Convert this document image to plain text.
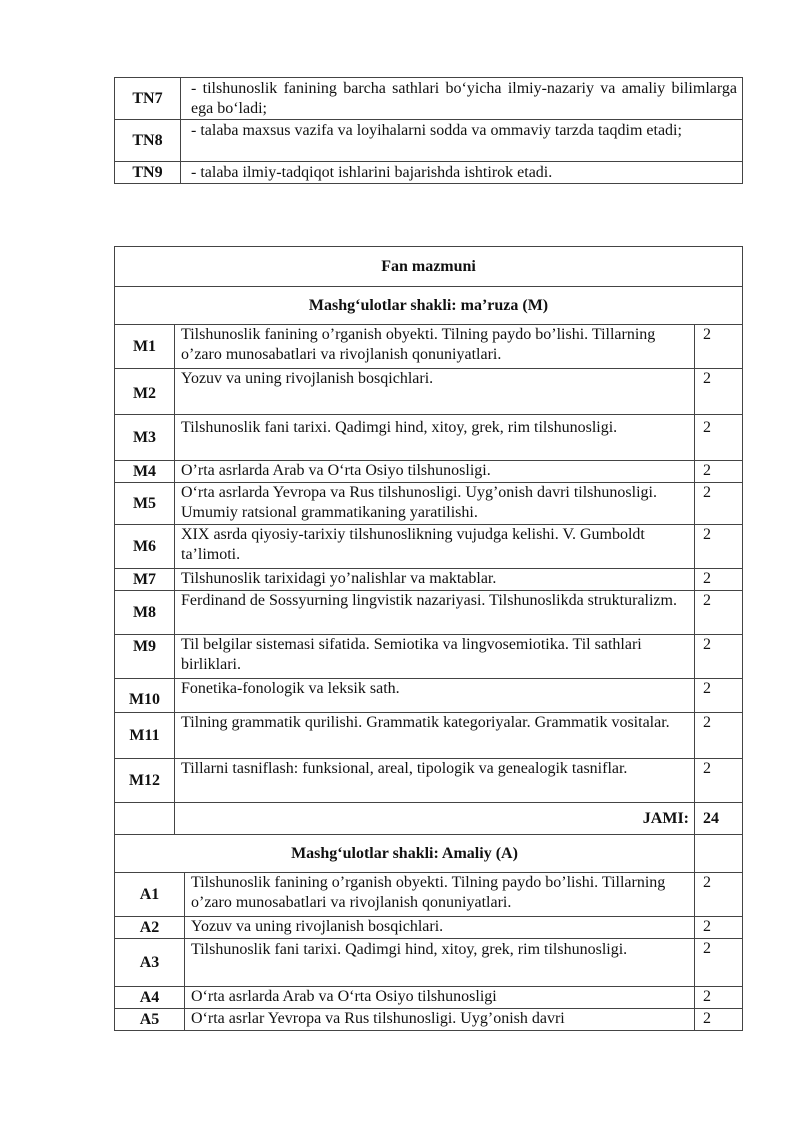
TN7	- tilshunoslik fanining barcha sathlari bo‘yicha ilmiy-nazariy va amaliy bilimlarga ega bo‘ladi;
TN8	- talaba maxsus vazifa va loyihalarni sodda va ommaviy tarzda taqdim etadi;
TN9	- talaba ilmiy-tadqiqot ishlarini bajarishda ishtirok etadi.
Fan mazmuni			
Mashg‘ulotlar shakli: ma’ruza (M)			
M1	Tilshunoslik fanining o’rganish obyekti. Tilning paydo bo’lishi. Tillarning o’zaro munosabatlari va rivojlanish qonuniyatlari.		2
M2	Yozuv va uning rivojlanish bosqichlari.		2
M3	Tilshunoslik fani tarixi. Qadimgi hind, xitoy, grek, rim tilshunosligi.		2
M4	O’rta asrlarda Arab va O‘rta Osiyo tilshunosligi.		2
M5	O‘rta asrlarda Yevropa va Rus tilshunosligi. Uyg’onish davri tilshunosligi. Umumiy ratsional grammatikaning yaratilishi.		2
M6	XIX asrda qiyosiy-tarixiy tilshunoslikning vujudga kelishi. V. Gumboldt ta’limoti.		2
M7	Tilshunoslik tarixidagi yo’nalishlar va maktablar.		2
M8	Ferdinand de Sossyurning lingvistik nazariyasi. Tilshunoslikda strukturalizm.		2
M9	Til belgilar sistemasi sifatida. Semiotika va lingvosemiotika. Til sathlari birliklari.		2
M10	Fonetika-fonologik va leksik sath.		2
M11	Tilning grammatik qurilishi. Grammatik kategoriyalar. Grammatik vositalar.		2
M12	Tillarni tasniflash: funksional, areal, tipologik va genealogik tasniflar.		2
	JAMI:		24
Mashg‘ulotlar shakli: Amaliy (A)			
A1		Tilshunoslik fanining o’rganish obyekti. Tilning paydo bo’lishi. Tillarning o’zaro munosabatlari va rivojlanish qonuniyatlari.	2
A2		Yozuv va uning rivojlanish bosqichlari.	2
A3		Tilshunoslik fani tarixi. Qadimgi hind, xitoy, grek, rim tilshunosligi.	2
A4		O‘rta asrlarda Arab va O‘rta Osiyo tilshunosligi	2
A5		O‘rta asrlar Yevropa va Rus tilshunosligi. Uyg’onish davri	2
